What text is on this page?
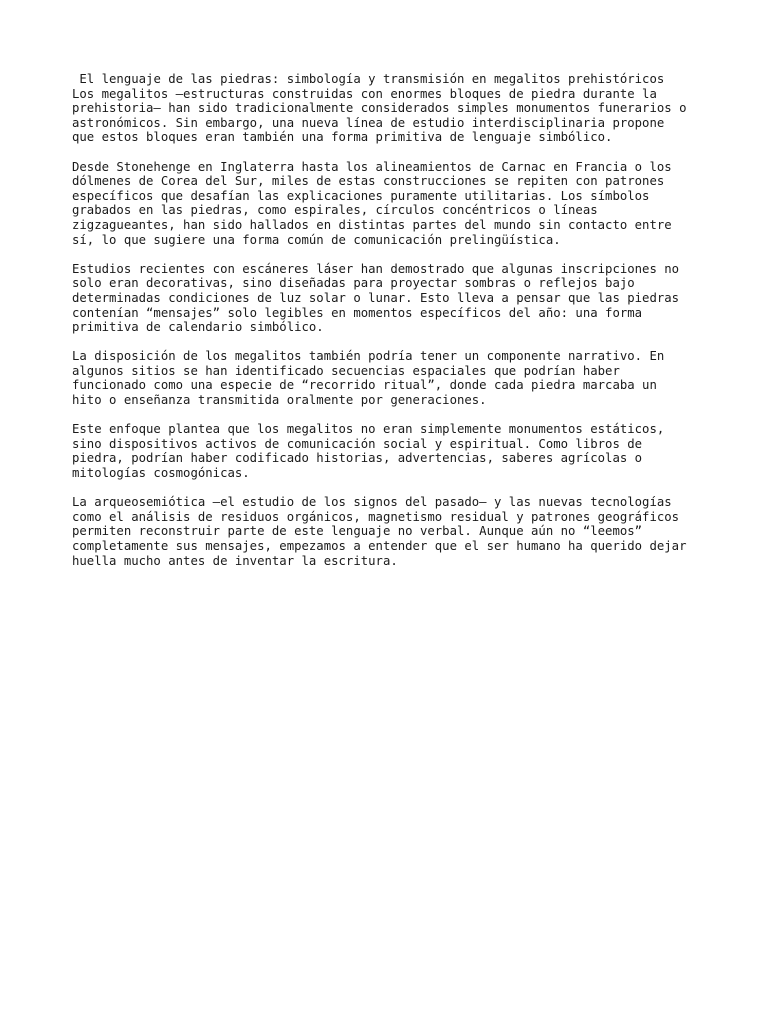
El lenguaje de las piedras: simbología y transmisión en megalitos prehistóricos
Los megalitos —estructuras construidas con enormes bloques de piedra durante la
prehistoria— han sido tradicionalmente considerados simples monumentos funerarios o
astronómicos. Sin embargo, una nueva línea de estudio interdisciplinaria propone
que estos bloques eran también una forma primitiva de lenguaje simbólico.

Desde Stonehenge en Inglaterra hasta los alineamientos de Carnac en Francia o los
dólmenes de Corea del Sur, miles de estas construcciones se repiten con patrones
específicos que desafían las explicaciones puramente utilitarias. Los símbolos
grabados en las piedras, como espirales, círculos concéntricos o líneas
zigzagueantes, han sido hallados en distintas partes del mundo sin contacto entre
sí, lo que sugiere una forma común de comunicación prelingüística.

Estudios recientes con escáneres láser han demostrado que algunas inscripciones no
solo eran decorativas, sino diseñadas para proyectar sombras o reflejos bajo
determinadas condiciones de luz solar o lunar. Esto lleva a pensar que las piedras
contenían “mensajes” solo legibles en momentos específicos del año: una forma
primitiva de calendario simbólico.

La disposición de los megalitos también podría tener un componente narrativo. En
algunos sitios se han identificado secuencias espaciales que podrían haber
funcionado como una especie de “recorrido ritual”, donde cada piedra marcaba un
hito o enseñanza transmitida oralmente por generaciones.

Este enfoque plantea que los megalitos no eran simplemente monumentos estáticos,
sino dispositivos activos de comunicación social y espiritual. Como libros de
piedra, podrían haber codificado historias, advertencias, saberes agrícolas o
mitologías cosmogónicas.

La arqueosemiótica —el estudio de los signos del pasado— y las nuevas tecnologías
como el análisis de residuos orgánicos, magnetismo residual y patrones geográficos
permiten reconstruir parte de este lenguaje no verbal. Aunque aún no “leemos”
completamente sus mensajes, empezamos a entender que el ser humano ha querido dejar
huella mucho antes de inventar la escritura.
